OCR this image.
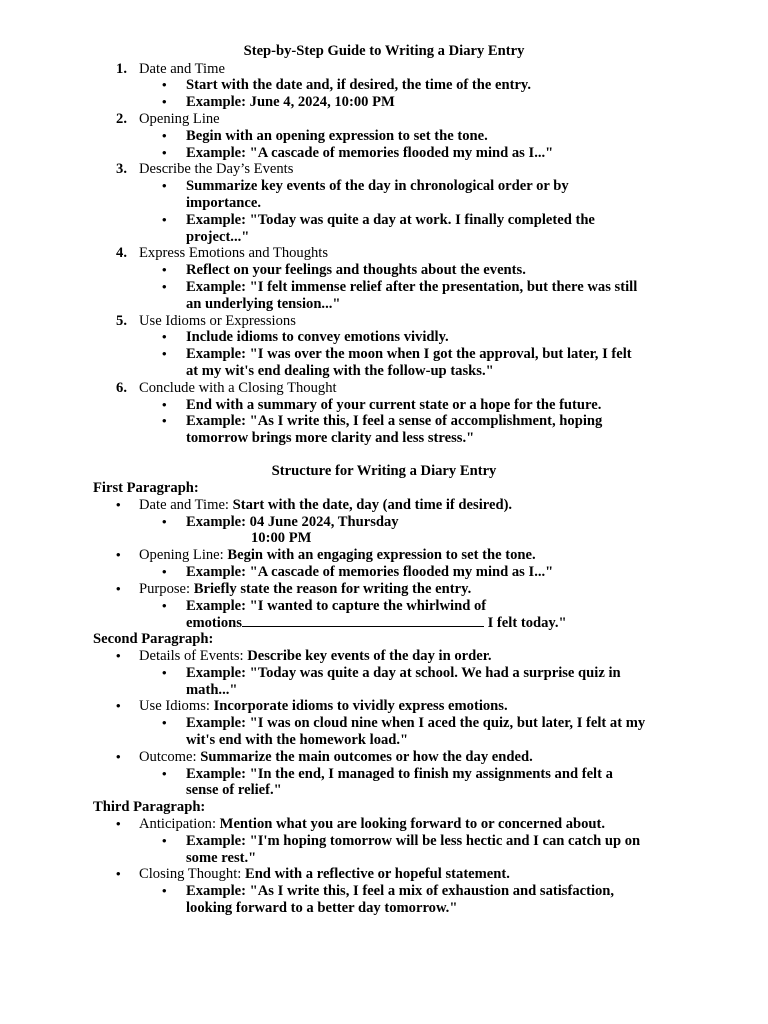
Step-by-Step Guide to Writing a Diary Entry
1. Date and Time
• Start with the date and, if desired, the time of the entry.
• Example: June 4, 2024, 10:00 PM
2. Opening Line
• Begin with an opening expression to set the tone.
• Example: "A cascade of memories flooded my mind as I..."
3. Describe the Day’s Events
• Summarize key events of the day in chronological order or by
importance.
• Example: "Today was quite a day at work. I finally completed the
project..."
4. Express Emotions and Thoughts
• Reflect on your feelings and thoughts about the events.
• Example: "I felt immense relief after the presentation, but there was still
an underlying tension..."
5. Use Idioms or Expressions
• Include idioms to convey emotions vividly.
• Example: "I was over the moon when I got the approval, but later, I felt
at my wit's end dealing with the follow-up tasks."
6. Conclude with a Closing Thought
• End with a summary of your current state or a hope for the future.
• Example: "As I write this, I feel a sense of accomplishment, hoping
tomorrow brings more clarity and less stress."
Structure for Writing a Diary Entry
First Paragraph:
• Date and Time: Start with the date, day (and time if desired).
• Example: 04 June 2024, Thursday
10:00 PM
• Opening Line: Begin with an engaging expression to set the tone.
• Example: "A cascade of memories flooded my mind as I..."
• Purpose: Briefly state the reason for writing the entry.
• Example: "I wanted to capture the whirlwind of
emotions	I felt today."
Second Paragraph:
• Details of Events: Describe key events of the day in order.
• Example: "Today was quite a day at school. We had a surprise quiz in
math..."
• Use Idioms: Incorporate idioms to vividly express emotions.
• Example: "I was on cloud nine when I aced the quiz, but later, I felt at my
wit's end with the homework load."
• Outcome: Summarize the main outcomes or how the day ended.
• Example: "In the end, I managed to finish my assignments and felt a
sense of relief."
Third Paragraph:
• Anticipation: Mention what you are looking forward to or concerned about.
• Example: "I'm hoping tomorrow will be less hectic and I can catch up on
some rest."
• Closing Thought: End with a reflective or hopeful statement.
• Example: "As I write this, I feel a mix of exhaustion and satisfaction,
looking forward to a better day tomorrow."
